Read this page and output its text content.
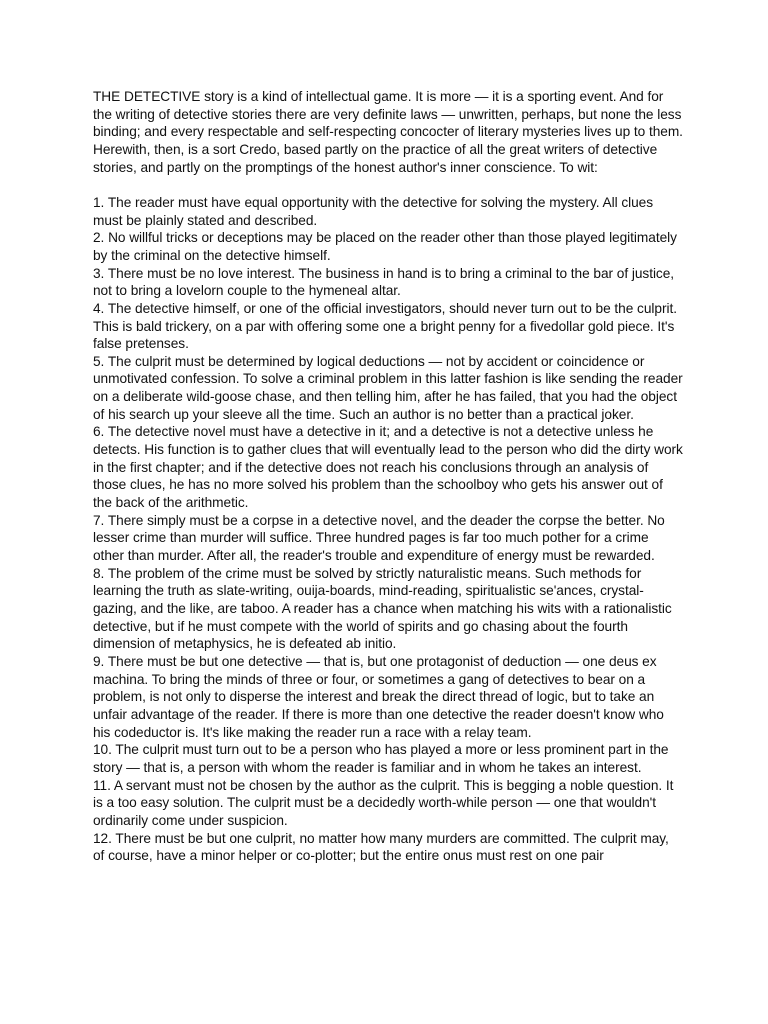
THE DETECTIVE story is a kind of intellectual game. It is more — it is a sporting event. And for the writing of detective stories there are very definite laws — unwritten, perhaps, but none the less binding; and every respectable and self-respecting concocter of literary mysteries lives up to them. Herewith, then, is a sort Credo, based partly on the practice of all the great writers of detective stories, and partly on the promptings of the honest author's inner conscience. To wit:

1. The reader must have equal opportunity with the detective for solving the mystery. All clues must be plainly stated and described.
2. No willful tricks or deceptions may be placed on the reader other than those played legitimately by the criminal on the detective himself.
3. There must be no love interest. The business in hand is to bring a criminal to the bar of justice, not to bring a lovelorn couple to the hymeneal altar.
4. The detective himself, or one of the official investigators, should never turn out to be the culprit. This is bald trickery, on a par with offering some one a bright penny for a fivedollar gold piece. It's false pretenses.
5. The culprit must be determined by logical deductions — not by accident or coincidence or unmotivated confession. To solve a criminal problem in this latter fashion is like sending the reader on a deliberate wild-goose chase, and then telling him, after he has failed, that you had the object of his search up your sleeve all the time. Such an author is no better than a practical joker.
6. The detective novel must have a detective in it; and a detective is not a detective unless he detects. His function is to gather clues that will eventually lead to the person who did the dirty work in the first chapter; and if the detective does not reach his conclusions through an analysis of those clues, he has no more solved his problem than the schoolboy who gets his answer out of the back of the arithmetic.
7. There simply must be a corpse in a detective novel, and the deader the corpse the better. No lesser crime than murder will suffice. Three hundred pages is far too much pother for a crime other than murder. After all, the reader's trouble and expenditure of energy must be rewarded.
8. The problem of the crime must be solved by strictly naturalistic means. Such methods for learning the truth as slate-writing, ouija-boards, mind-reading, spiritualistic se'ances, crystal-gazing, and the like, are taboo. A reader has a chance when matching his wits with a rationalistic detective, but if he must compete with the world of spirits and go chasing about the fourth dimension of metaphysics, he is defeated ab initio.
9. There must be but one detective — that is, but one protagonist of deduction — one deus ex machina. To bring the minds of three or four, or sometimes a gang of detectives to bear on a problem, is not only to disperse the interest and break the direct thread of logic, but to take an unfair advantage of the reader. If there is more than one detective the reader doesn't know who his codeductor is. It's like making the reader run a race with a relay team.
10. The culprit must turn out to be a person who has played a more or less prominent part in the story — that is, a person with whom the reader is familiar and in whom he takes an interest.
11. A servant must not be chosen by the author as the culprit. This is begging a noble question. It is a too easy solution. The culprit must be a decidedly worth-while person — one that wouldn't ordinarily come under suspicion.
12. There must be but one culprit, no matter how many murders are committed. The culprit may, of course, have a minor helper or co-plotter; but the entire onus must rest on one pair
